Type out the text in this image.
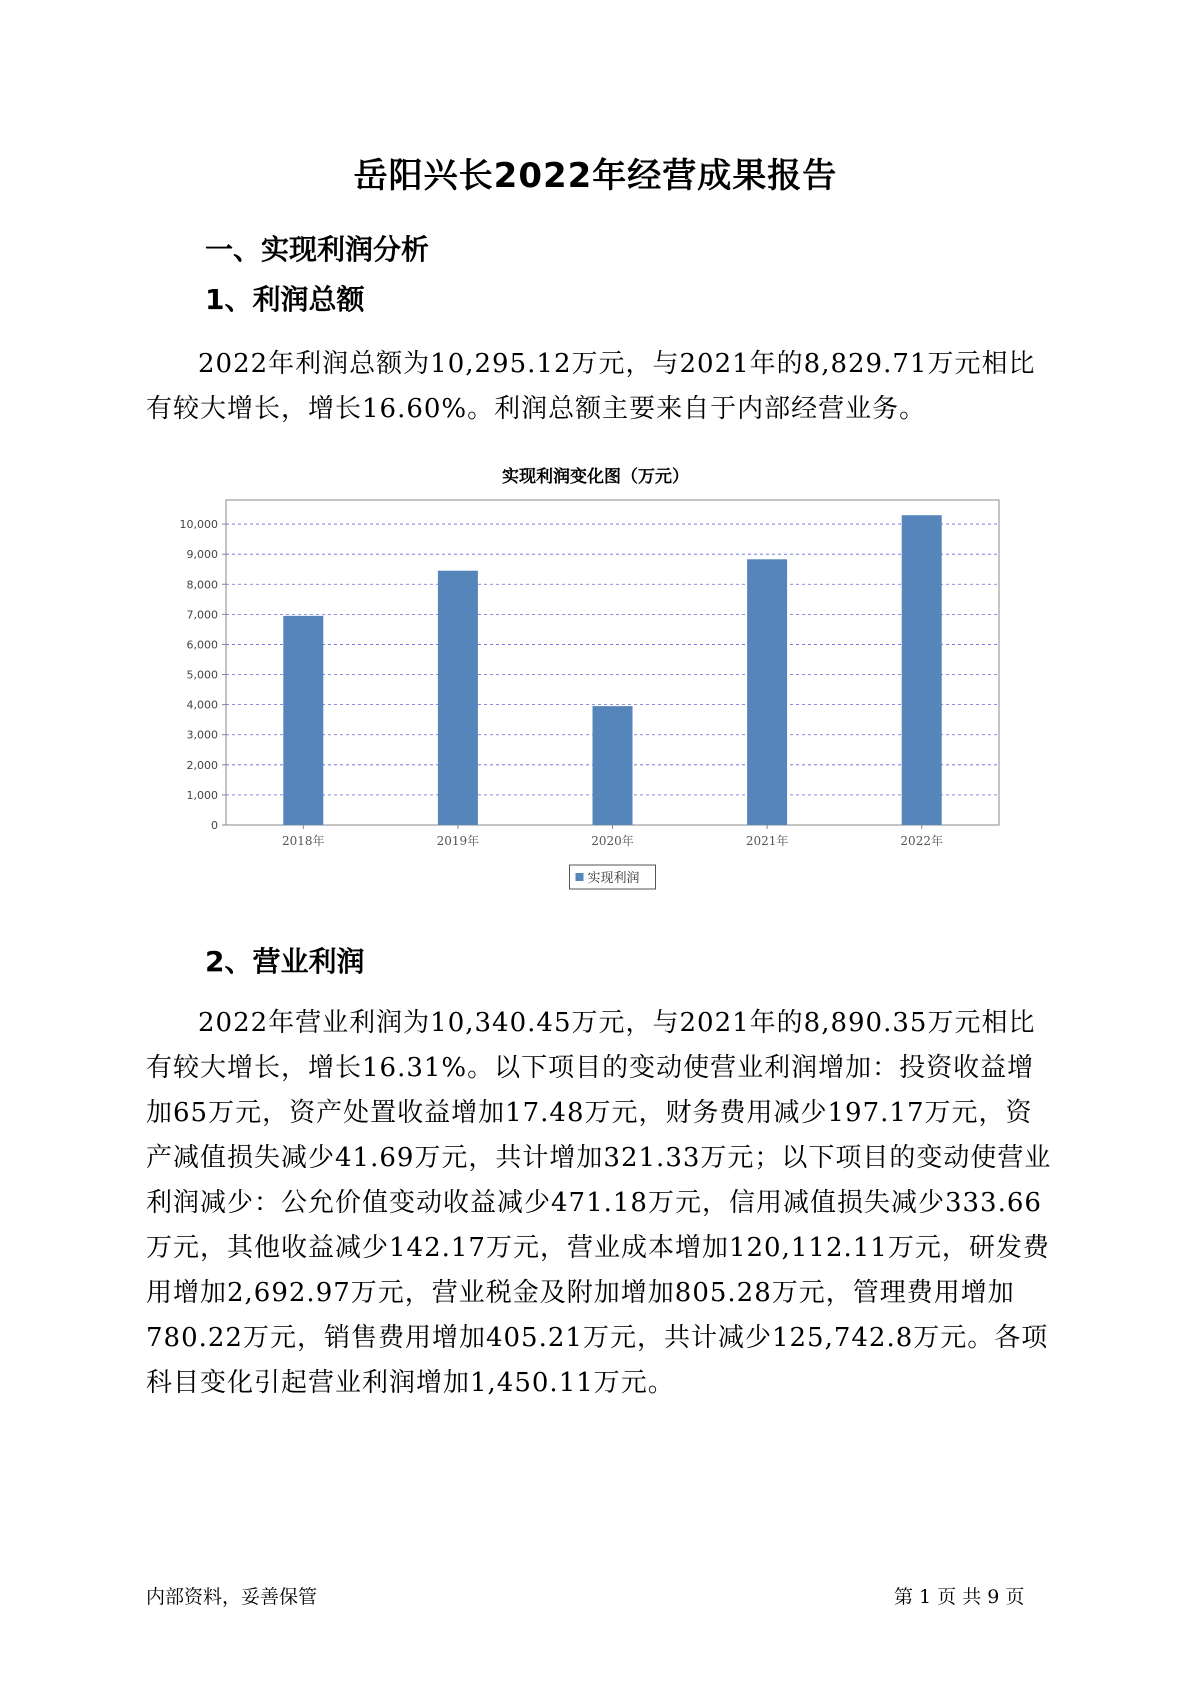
岳阳兴长2022年经营成果报告
一、实现利润分析
1、利润总额

2022年利润总额为10,295.12万元，与2021年的8,829.71万元相比有较大增长，增长16.60%。利润总额主要来自于内部经营业务。

实现利润变化图（万元）
0
1,000
2,000
3,000
4,000
5,000
6,000
7,000
8,000
9,000
10,000
2018年	2019年	2020年	2021年	2022年
实现利润
2、营业利润

2022年营业利润为10,340.45万元，与2021年的8,890.35万元相比有较大增长，增长16.31%。以下项目的变动使营业利润增加：投资收益增加65万元，资产处置收益增加17.48万元，财务费用减少197.17万元，资产减值损失减少41.69万元，共计增加321.33万元；以下项目的变动使营业利润减少：公允价值变动收益减少471.18万元，信用减值损失减少333.66万元，其他收益减少142.17万元，营业成本增加120,112.11万元，研发费用增加2,692.97万元，营业税金及附加增加805.28万元，管理费用增加780.22万元，销售费用增加405.21万元，共计减少125,742.8万元。各项科目变化引起营业利润增加1,450.11万元。

内部资料，妥善保管	第 1 页 共 9 页
